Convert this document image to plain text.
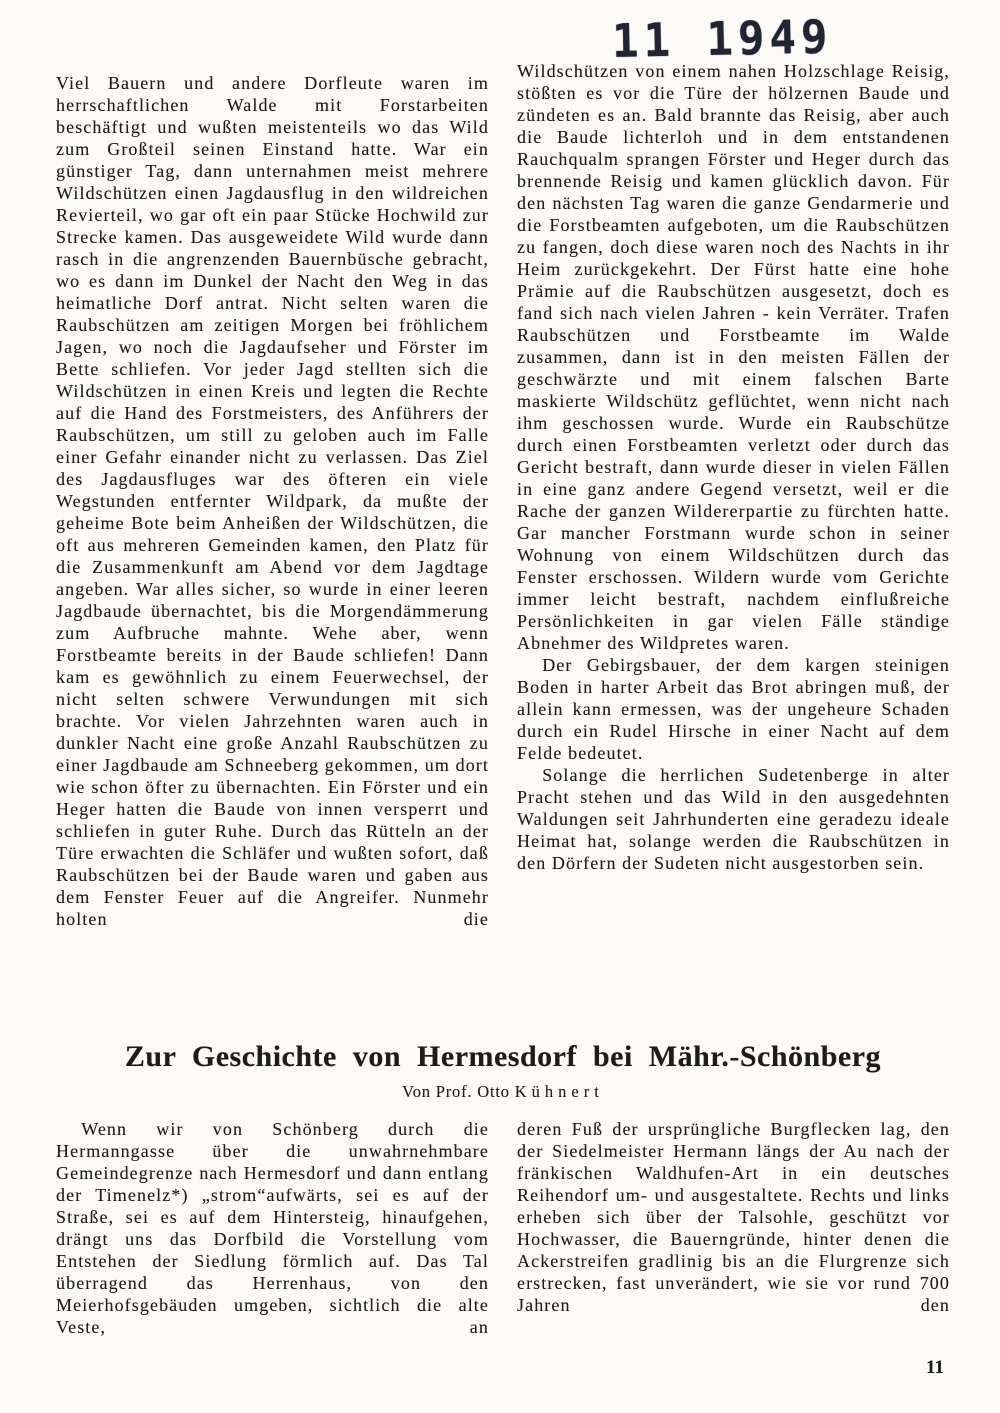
11 1949

Viel Bauern und andere Dorfleute waren im herrschaftlichen Walde mit Forstarbeiten beschäftigt und wußten meistenteils wo das Wild zum Großteil seinen Einstand hatte. War ein günstiger Tag, dann unternahmen meist mehrere Wildschützen einen Jagdausflug in den wildreichen Revierteil, wo gar oft ein paar Stücke Hochwild zur Strecke kamen. Das ausgeweidete Wild wurde dann rasch in die angrenzenden Bauernbüsche gebracht, wo es dann im Dunkel der Nacht den Weg in das heimatliche Dorf antrat. Nicht selten waren die Raubschützen am zeitigen Morgen bei fröhlichem Jagen, wo noch die Jagdaufseher und Förster im Bette schliefen. Vor jeder Jagd stellten sich die Wildschützen in einen Kreis und legten die Rechte auf die Hand des Forstmeisters, des Anführers der Raubschützen, um still zu geloben auch im Falle einer Gefahr einander nicht zu verlassen. Das Ziel des Jagdausfluges war des öfteren ein viele Wegstunden entfernter Wildpark, da mußte der geheime Bote beim Anheißen der Wildschützen, die oft aus mehreren Gemeinden kamen, den Platz für die Zusammenkunft am Abend vor dem Jagdtage angeben. War alles sicher, so wurde in einer leeren Jagdbaude übernachtet, bis die Morgendämmerung zum Aufbruche mahnte. Wehe aber, wenn Forstbeamte bereits in der Baude schliefen! Dann kam es gewöhnlich zu einem Feuerwechsel, der nicht selten schwere Verwundungen mit sich brachte. Vor vielen Jahrzehnten waren auch in dunkler Nacht eine große Anzahl Raubschützen zu einer Jagdbaude am Schneeberg gekommen, um dort wie schon öfter zu übernachten. Ein Förster und ein Heger hatten die Baude von innen versperrt und schliefen in guter Ruhe. Durch das Rütteln an der Türe erwachten die Schläfer und wußten sofort, daß Raubschützen bei der Baude waren und gaben aus dem Fenster Feuer auf die Angreifer. Nunmehr holten die

Wildschützen von einem nahen Holzschlage Reisig, stößten es vor die Türe der hölzernen Baude und zündeten es an. Bald brannte das Reisig, aber auch die Baude lichterloh und in dem entstandenen Rauchqualm sprangen Förster und Heger durch das brennende Reisig und kamen glücklich davon. Für den nächsten Tag waren die ganze Gendarmerie und die Forstbeamten aufgeboten, um die Raubschützen zu fangen, doch diese waren noch des Nachts in ihr Heim zurückgekehrt. Der Fürst hatte eine hohe Prämie auf die Raubschützen ausgesetzt, doch es fand sich nach vielen Jahren - kein Verräter. Trafen Raubschützen und Forstbeamte im Walde zusammen, dann ist in den meisten Fällen der geschwärzte und mit einem falschen Barte maskierte Wildschütz geflüchtet, wenn nicht nach ihm geschossen wurde. Wurde ein Raubschütze durch einen Forstbeamten verletzt oder durch das Gericht bestraft, dann wurde dieser in vielen Fällen in eine ganz andere Gegend versetzt, weil er die Rache der ganzen Wildererpartie zu fürchten hatte. Gar mancher Forstmann wurde schon in seiner Wohnung von einem Wildschützen durch das Fenster erschossen. Wildern wurde vom Gerichte immer leicht bestraft, nachdem einflußreiche Persönlichkeiten in gar vielen Fälle ständige Abnehmer des Wildpretes waren.

Der Gebirgsbauer, der dem kargen steinigen Boden in harter Arbeit das Brot abringen muß, der allein kann ermessen, was der ungeheure Schaden durch ein Rudel Hirsche in einer Nacht auf dem Felde bedeutet.

Solange die herrlichen Sudetenberge in alter Pracht stehen und das Wild in den ausgedehnten Waldungen seit Jahrhunderten eine geradezu ideale Heimat hat, solange werden die Raubschützen in den Dörfern der Sudeten nicht ausgestorben sein.

Zur Geschichte von Hermesdorf bei Mähr.-Schönberg

Von Prof. Otto Kühnert

Wenn wir von Schönberg durch die Hermanngasse über die unwahrnehmbare Gemeindegrenze nach Hermesdorf und dann entlang der Timenelz*) „strom“aufwärts, sei es auf der Straße, sei es auf dem Hintersteig, hinaufgehen, drängt uns das Dorfbild die Vorstellung vom Entstehen der Siedlung förmlich auf. Das Tal überragend das Herrenhaus, von den Meierhofsgebäuden umgeben, sichtlich die alte Veste, an

deren Fuß der ursprüngliche Burgflecken lag, den der Siedelmeister Hermann längs der Au nach der fränkischen Waldhufen-Art in ein deutsches Reihendorf um- und ausgestaltete. Rechts und links erheben sich über der Talsohle, geschützt vor Hochwasser, die Bauerngründe, hinter denen die Ackerstreifen gradlinig bis an die Flurgrenze sich erstrecken, fast unverändert, wie sie vor rund 700 Jahren den

11
